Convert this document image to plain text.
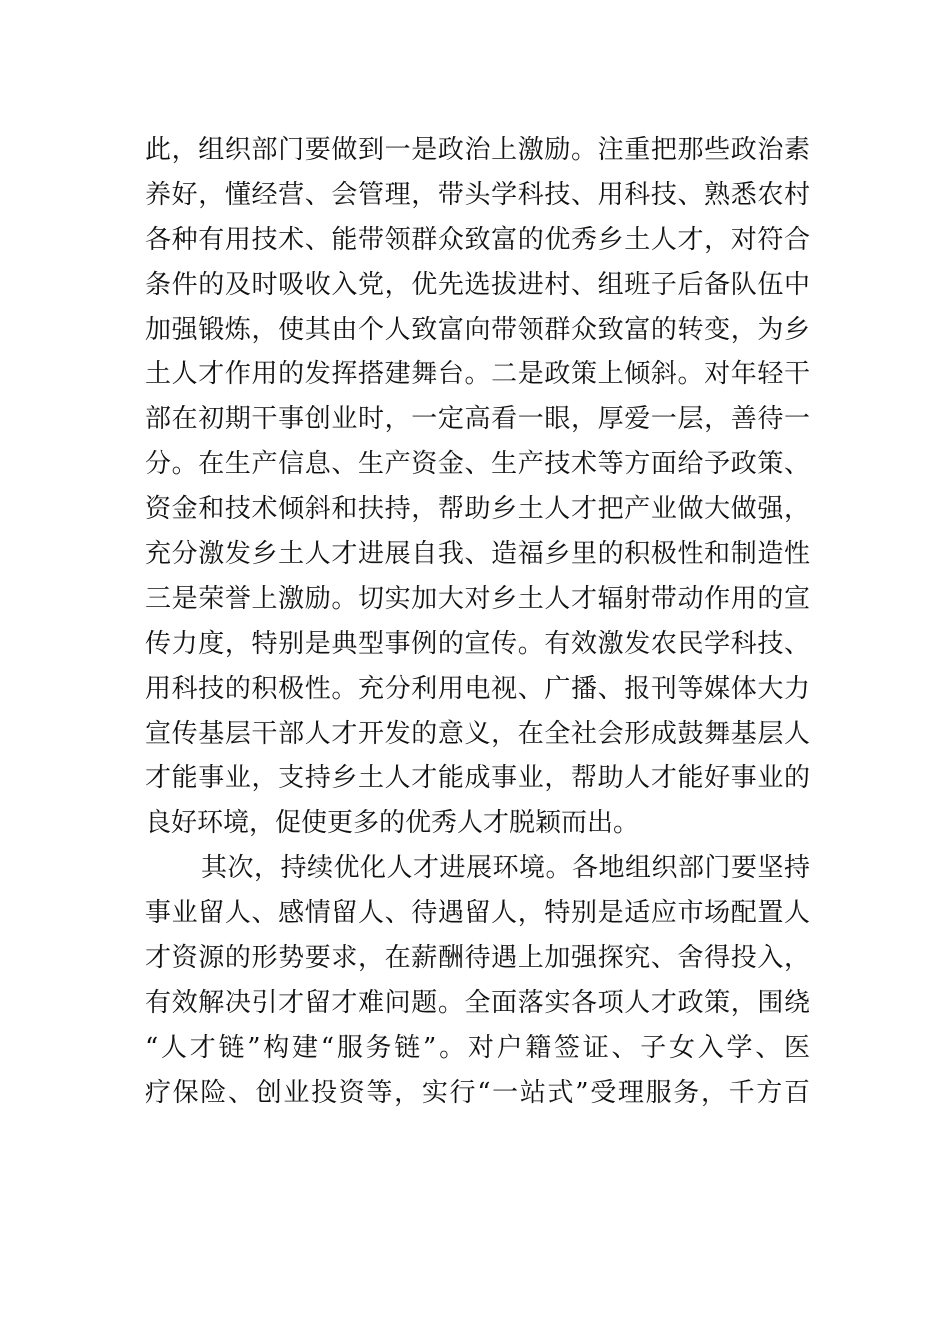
此，组织部门要做到一是政治上激励。注重把那些政治素
养好，懂经营、会管理，带头学科技、用科技、熟悉农村
各种有用技术、能带领群众致富的优秀乡土人才，对符合
条件的及时吸收入党，优先选拔进村、组班子后备队伍中
加强锻炼，使其由个人致富向带领群众致富的转变，为乡
土人才作用的发挥搭建舞台。二是政策上倾斜。对年轻干
部在初期干事创业时，一定高看一眼，厚爱一层，善待一
分。在生产信息、生产资金、生产技术等方面给予政策、
资金和技术倾斜和扶持，帮助乡土人才把产业做大做强，
充分激发乡土人才进展自我、造福乡里的积极性和制造性
三是荣誉上激励。切实加大对乡土人才辐射带动作用的宣
传力度，特别是典型事例的宣传。有效激发农民学科技、
用科技的积极性。充分利用电视、广播、报刊等媒体大力
宣传基层干部人才开发的意义，在全社会形成鼓舞基层人
才能事业，支持乡土人才能成事业，帮助人才能好事业的
良好环境，促使更多的优秀人才脱颖而出。
其次，持续优化人才进展环境。各地组织部门要坚持
事业留人、感情留人、待遇留人，特别是适应市场配置人
才资源的形势要求，在薪酬待遇上加强探究、舍得投入，
有效解决引才留才难问题。全面落实各项人才政策，围绕
“人才链”构建“服务链”。对户籍签证、子女入学、医
疗保险、创业投资等，实行“一站式”受理服务，千方百
